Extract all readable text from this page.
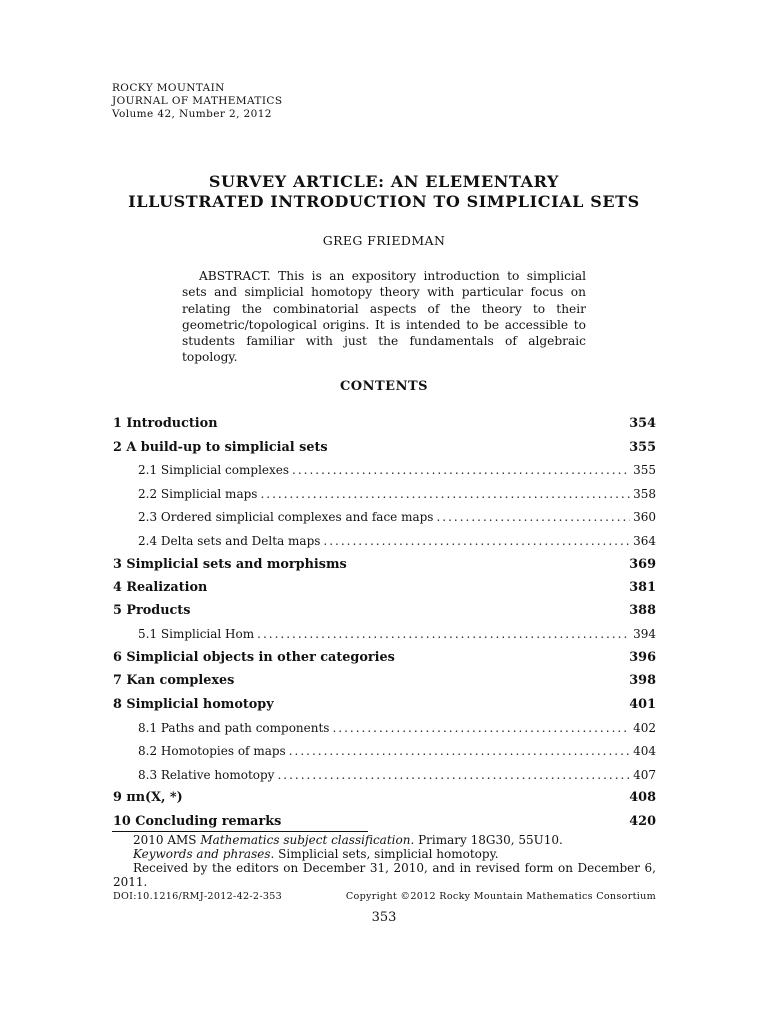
ROCKY MOUNTAIN
JOURNAL OF MATHEMATICS
Volume 42, Number 2, 2012
SURVEY ARTICLE: AN ELEMENTARY
ILLUSTRATED INTRODUCTION TO SIMPLICIAL SETS
GREG FRIEDMAN
ABSTRACT. This is an expository introduction to simplicial sets and simplicial homotopy theory with particular focus on relating the combinatorial aspects of the theory to their geometric/topological origins. It is intended to be accessible to students familiar with just the fundamentals of algebraic topology.
CONTENTS
1 Introduction	354
2 A build-up to simplicial sets	355
2.1 Simplicial complexes .....	355
2.2 Simplicial maps .....	358
2.3 Ordered simplicial complexes and face maps .....	360
2.4 Delta sets and Delta maps .....	364
3 Simplicial sets and morphisms	369
4 Realization	381
5 Products	388
5.1 Simplicial Hom .....	394
6 Simplicial objects in other categories	396
7 Kan complexes	398
8 Simplicial homotopy	401
8.1 Paths and path components .....	402
8.2 Homotopies of maps .....	404
8.3 Relative homotopy .....	407
9 πn(X, *)	408
10 Concluding remarks	420

2010 AMS Mathematics subject classification. Primary 18G30, 55U10.

Keywords and phrases. Simplicial sets, simplicial homotopy.

Received by the editors on December 31, 2010, and in revised form on December 6, 2011.

DOI:10.1216/RMJ-2012-42-2-353	Copyright ©2012 Rocky Mountain Mathematics Consortium
353
